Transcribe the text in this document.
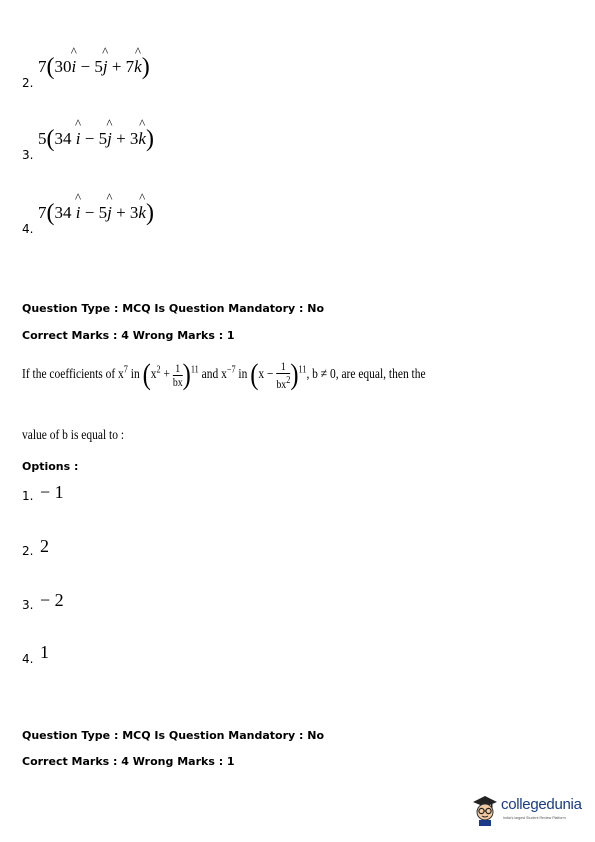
2.
7(30^ i − 5^ j + 7^ k)
3.
5(34 ^ i − 5^ j + 3^ k)
4.
7(34 ^ i − 5^ j + 3^ k)
Question Type : MCQ Is Question Mandatory : No
Correct Marks : 4 Wrong Marks : 1
If the coefficients of $x^7$ in $(x^2 + \frac{1}{bx} )^{11}$ and $x^{-7}$ in $(x - \frac{1}{bx^2} )^{11}$, b ≠ 0, are equal, then the
value of b is equal to :
Options :
1. − 1
2. 2
3. − 2
4. 1
Question Type : MCQ Is Question Mandatory : No
Correct Marks : 4 Wrong Marks : 1
collegedunia
India's largest Student Review Platform
